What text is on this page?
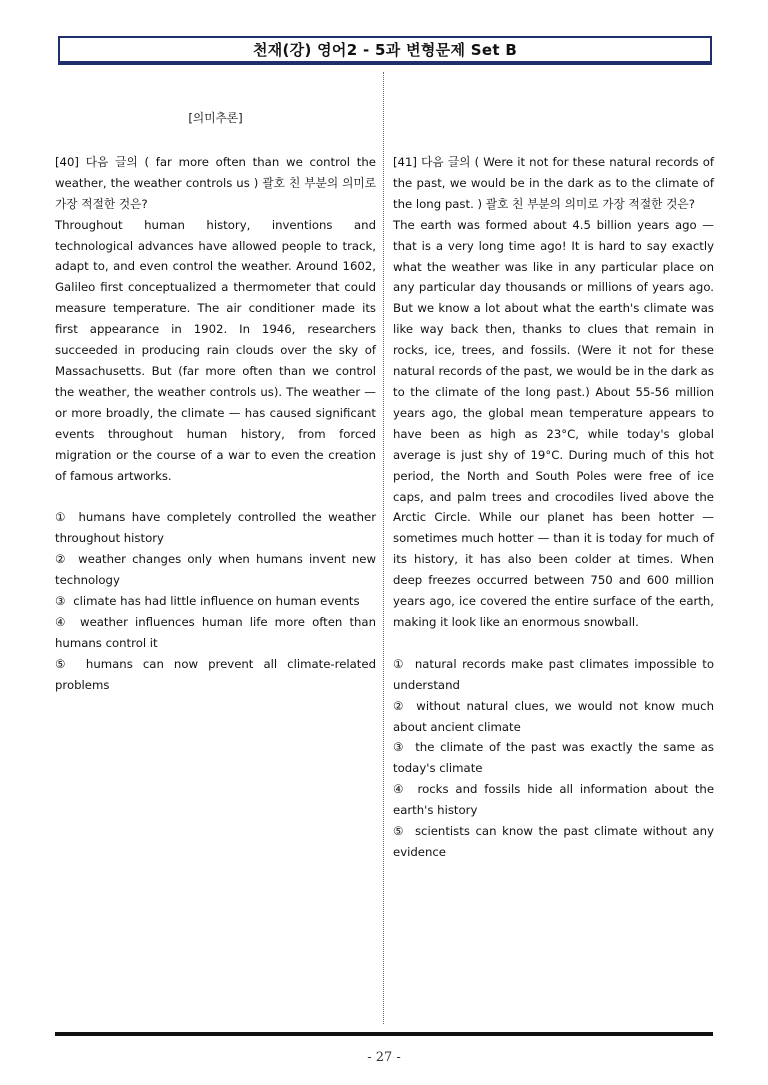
천재(강) 영어2 - 5과 변형문제 Set B

[의미추론]

[40] 다음 글의 ( far more often than we control the weather, the weather controls us ) 괄호 친 부분의 의미로 가장 적절한 것은?

Throughout human history, inventions and technological advances have allowed people to track, adapt to, and even control the weather. Around 1602, Galileo first conceptualized a thermometer that could measure temperature. The air conditioner made its first appearance in 1902. In 1946, researchers succeeded in producing rain clouds over the sky of Massachusetts. But (far more often than we control the weather, the weather controls us). The weather — or more broadly, the climate — has caused significant events throughout human history, from forced migration or the course of a war to even the creation of famous artworks.

① humans have completely controlled the weather throughout history

② weather changes only when humans invent new technology

③ climate has had little influence on human events

④ weather influences human life more often than humans control it

⑤ humans can now prevent all climate-related problems

[41] 다음 글의 ( Were it not for these natural records of the past, we would be in the dark as to the climate of the long past. ) 괄호 친 부분의 의미로 가장 적절한 것은?

The earth was formed about 4.5 billion years ago — that is a very long time ago! It is hard to say exactly what the weather was like in any particular place on any particular day thousands or millions of years ago. But we know a lot about what the earth's climate was like way back then, thanks to clues that remain in rocks, ice, trees, and fossils. (Were it not for these natural records of the past, we would be in the dark as to the climate of the long past.) About 55-56 million years ago, the global mean temperature appears to have been as high as 23°C, while today's global average is just shy of 19°C. During much of this hot period, the North and South Poles were free of ice caps, and palm trees and crocodiles lived above the Arctic Circle. While our planet has been hotter — sometimes much hotter — than it is today for much of its history, it has also been colder at times. When deep freezes occurred between 750 and 600 million years ago, ice covered the entire surface of the earth, making it look like an enormous snowball.

① natural records make past climates impossible to understand

② without natural clues, we would not know much about ancient climate

③ the climate of the past was exactly the same as today's climate

④ rocks and fossils hide all information about the earth's history

⑤ scientists can know the past climate without any evidence

- 27 -
